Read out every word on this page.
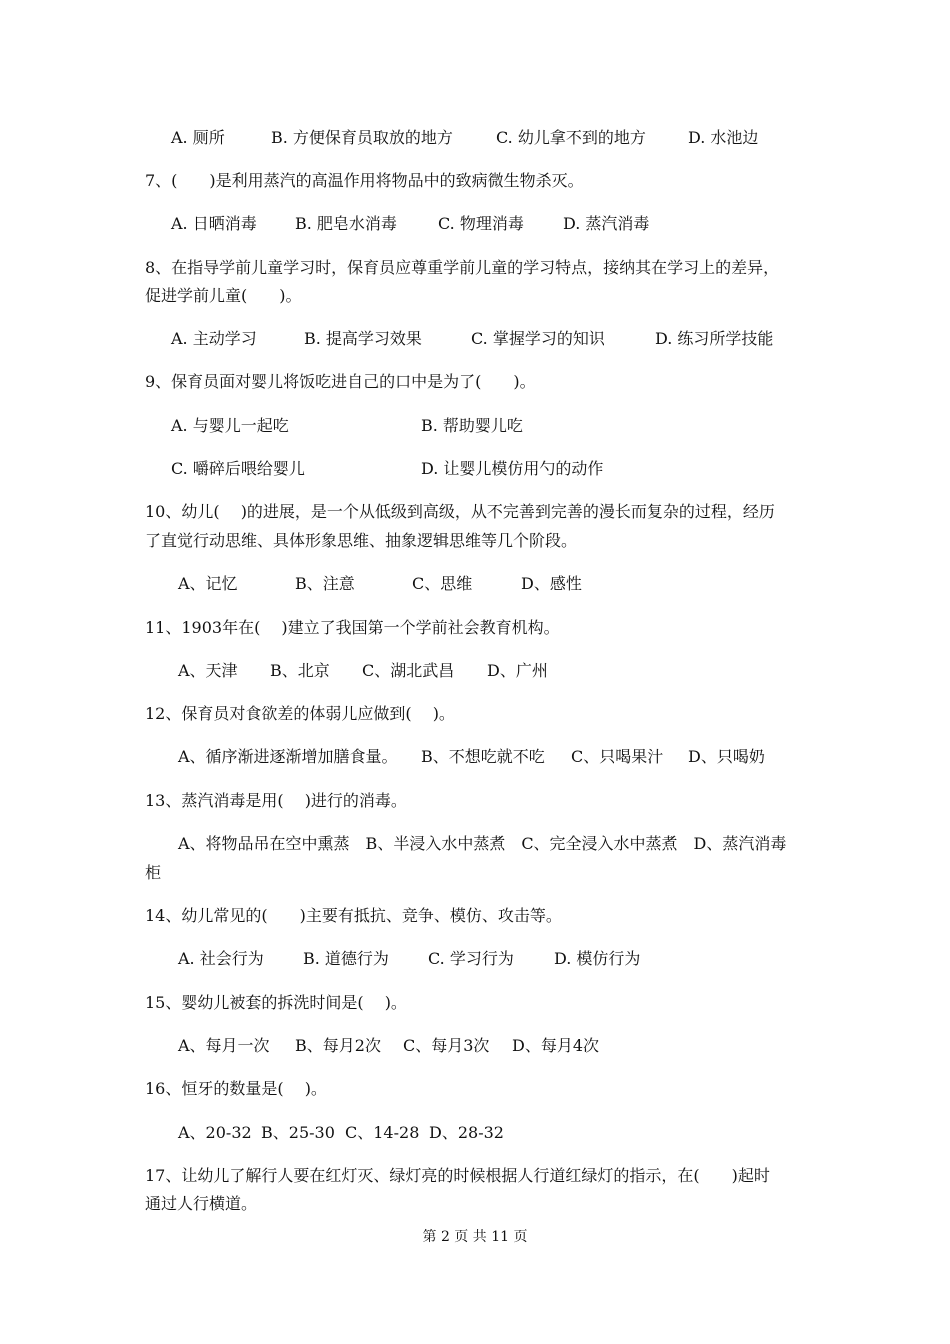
A. 厕所	B. 方便保育员取放的地方	C. 幼儿拿不到的地方	D. 水池边
7、(　　)是利用蒸汽的高温作用将物品中的致病微生物杀灭。
A. 日晒消毒 B. 肥皂水消毒	C. 物理消毒 D. 蒸汽消毒
8、在指导学前儿童学习时，保育员应尊重学前儿童的学习特点，接纳其在学习上的差异，
促进学前儿童(　　)。
A. 主动学习	B. 提高学习效果	C. 掌握学习的知识	D. 练习所学技能
9、保育员面对婴儿将饭吃进自己的口中是为了(　　)。
A. 与婴儿一起吃	B. 帮助婴儿吃
C. 嚼碎后喂给婴儿	D. 让婴儿模仿用勺的动作
10、幼儿(　 )的进展，是一个从低级到高级，从不完善到完善的漫长而复杂的过程，经历
了直觉行动思维、具体形象思维、抽象逻辑思维等几个阶段。
A、记忆	B、注意	C、思维	D、感性
11、1903年在(　 )建立了我国第一个学前社会教育机构。
A、天津 B、北京 C、湖北武昌 D、广州
12、保育员对食欲差的体弱儿应做到(　 )。
A、循序渐进逐渐增加膳食量。 B、不想吃就不吃 C、只喝果汁 D、只喝奶
13、蒸汽消毒是用(　 )进行的消毒。
A、将物品吊在空中熏蒸　B、半浸入水中蒸煮　C、完全浸入水中蒸煮　D、蒸汽消毒
柜
14、幼儿常见的(　　)主要有抵抗、竞争、模仿、攻击等。
A. 社会行为 B. 道德行为 C. 学习行为	D. 模仿行为
15、婴幼儿被套的拆洗时间是(　 )。
A、每月一次 B、每月2次 C、每月3次 D、每月4次
16、恒牙的数量是(　 )。
A、20-32 B、25-30 C、14-28 D、28-32
17、让幼儿了解行人要在红灯灭、绿灯亮的时候根据人行道红绿灯的指示，在(　　)起时
通过人行横道。
第 2 页 共 11 页
